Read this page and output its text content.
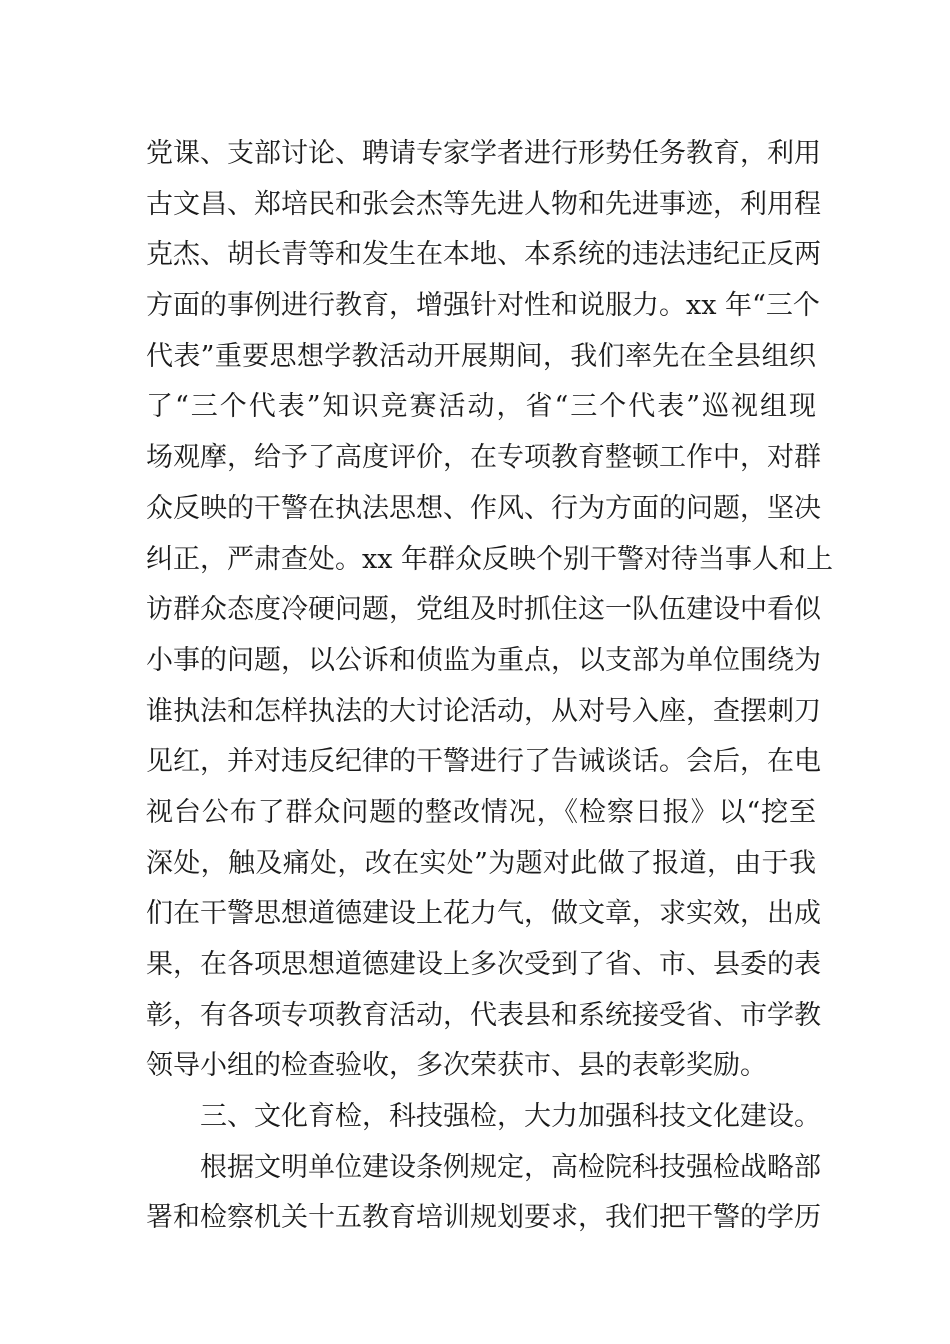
党课、支部讨论、聘请专家学者进行形势任务教育，利用
古文昌、郑培民和张会杰等先进人物和先进事迹，利用程
克杰、胡长青等和发生在本地、本系统的违法违纪正反两
方面的事例进行教育，增强针对性和说服力。xx 年“三个
代表”重要思想学教活动开展期间，我们率先在全县组织
了“三个代表”知识竞赛活动，省“三个代表”巡视组现
场观摩，给予了高度评价，在专项教育整顿工作中，对群
众反映的干警在执法思想、作风、行为方面的问题，坚决
纠正，严肃查处。xx 年群众反映个别干警对待当事人和上
访群众态度冷硬问题，党组及时抓住这一队伍建设中看似
小事的问题，以公诉和侦监为重点，以支部为单位围绕为
谁执法和怎样执法的大讨论活动，从对号入座，查摆刺刀
见红，并对违反纪律的干警进行了告诫谈话。会后，在电
视台公布了群众问题的整改情况，《检察日报》以“挖至
深处，触及痛处，改在实处”为题对此做了报道，由于我
们在干警思想道德建设上花力气，做文章，求实效，出成
果，在各项思想道德建设上多次受到了省、市、县委的表
彰，有各项专项教育活动，代表县和系统接受省、市学教
领导小组的检查验收，多次荣获市、县的表彰奖励。
三、文化育检，科技强检，大力加强科技文化建设。
根据文明单位建设条例规定，高检院科技强检战略部
署和检察机关十五教育培训规划要求，我们把干警的学历
